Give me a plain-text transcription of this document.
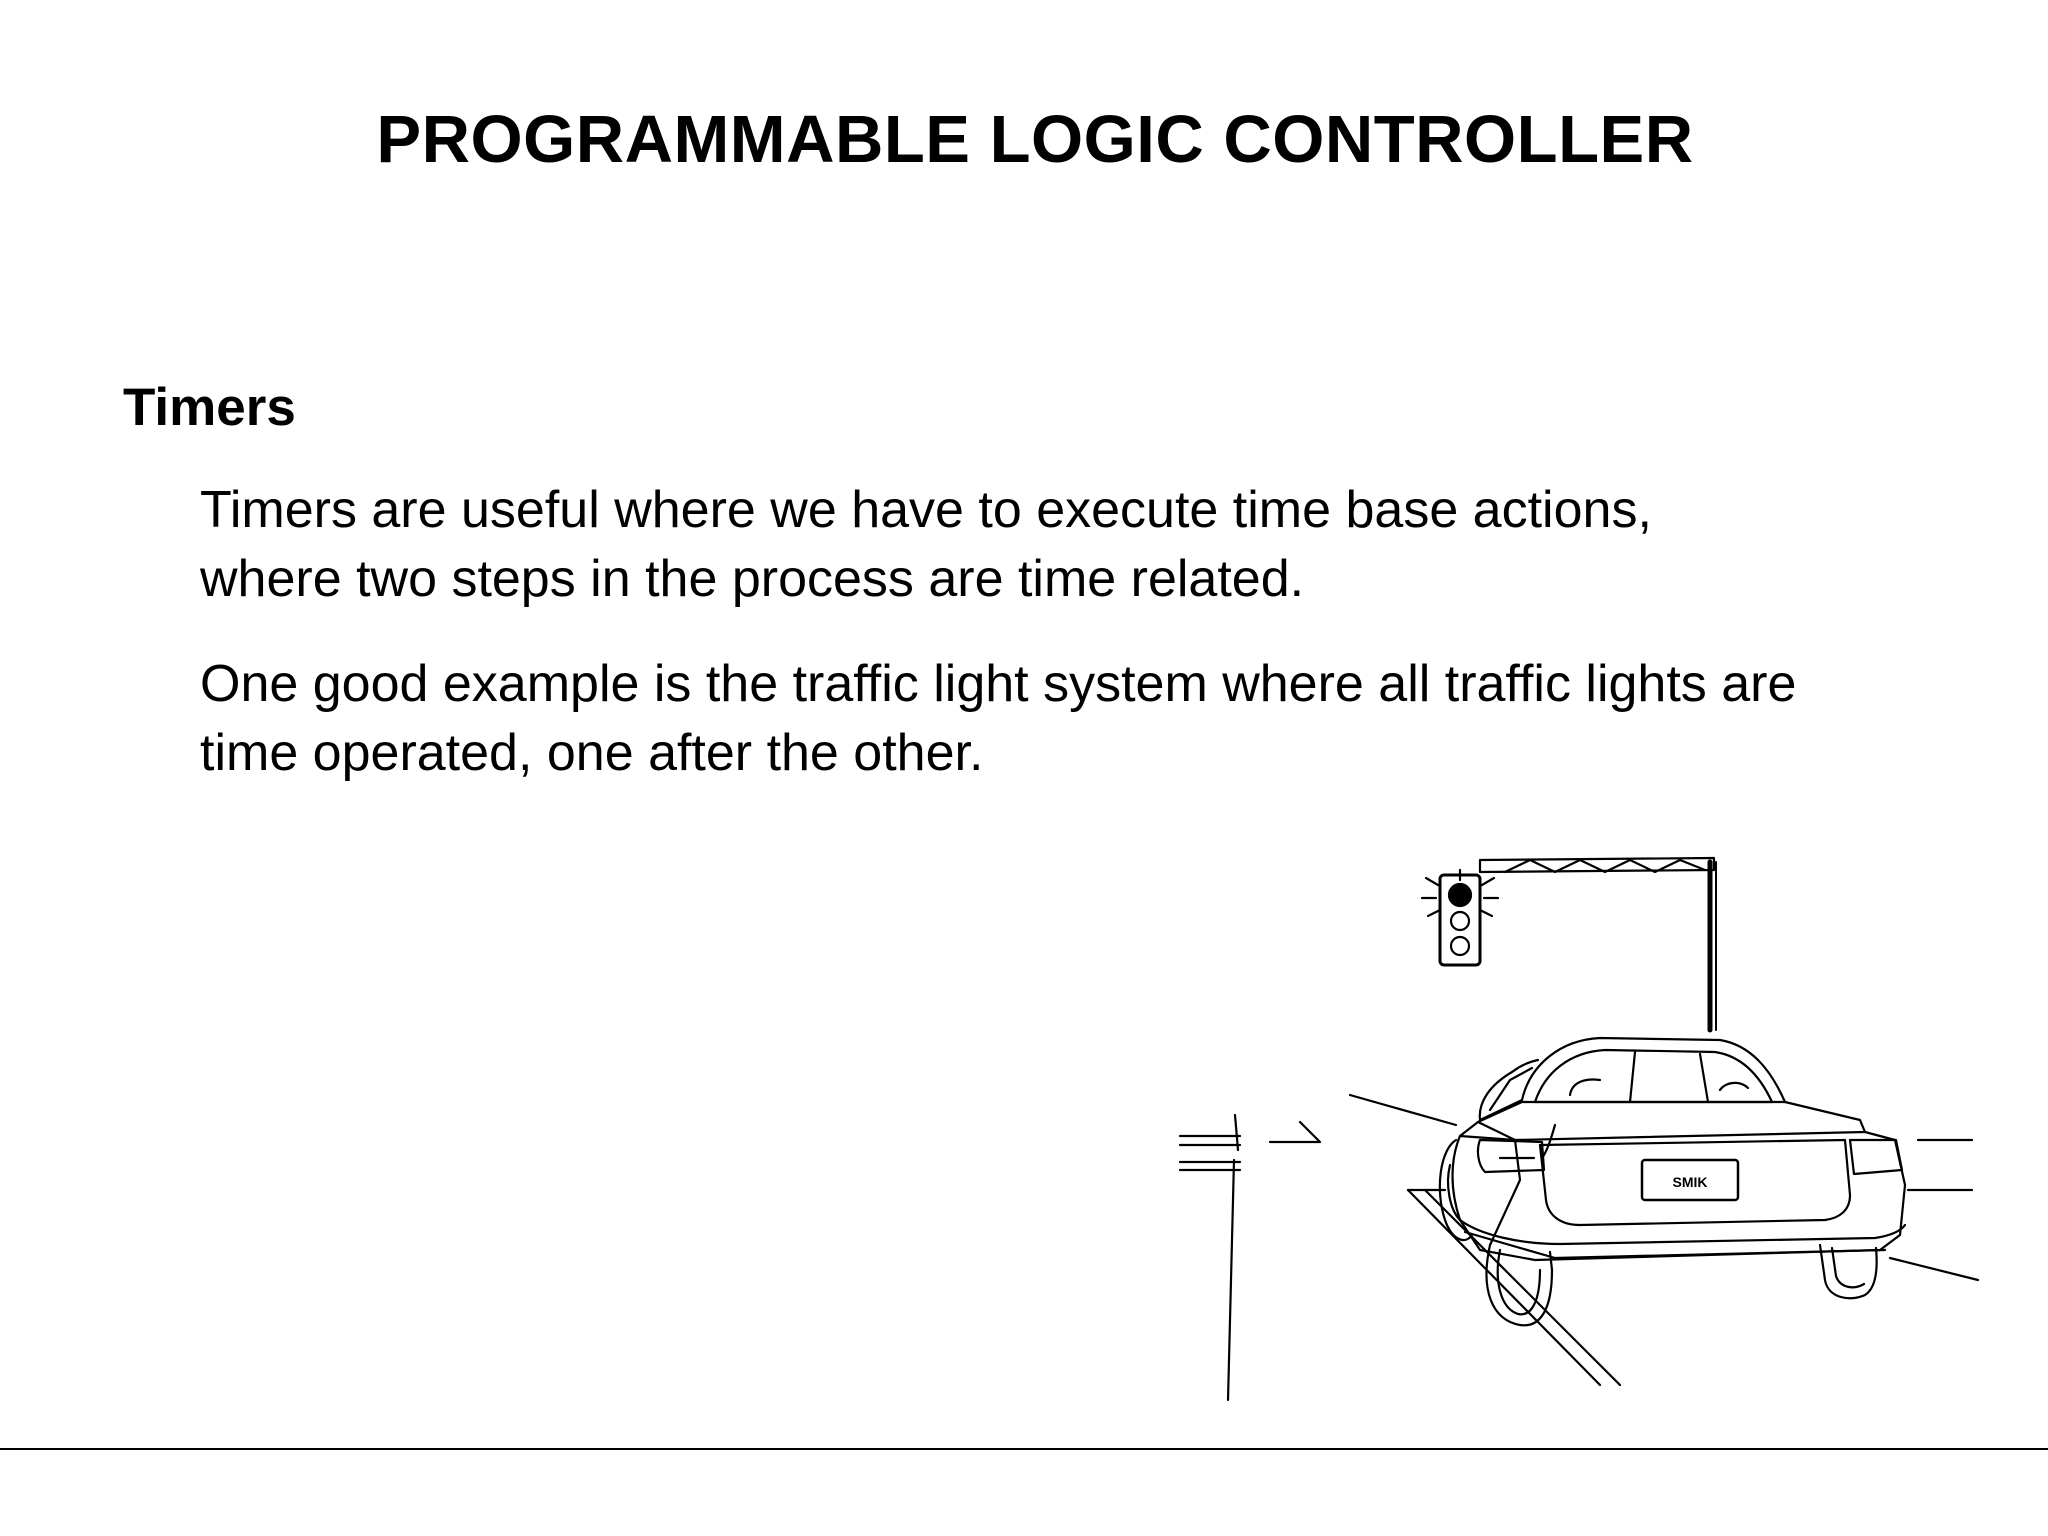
PROGRAMMABLE LOGIC CONTROLLER
Timers
Timers are useful where we have to execute time base actions, where two steps in the process are time related.
One good example is the traffic light system where all traffic lights are time operated, one after the other.
SMIK
